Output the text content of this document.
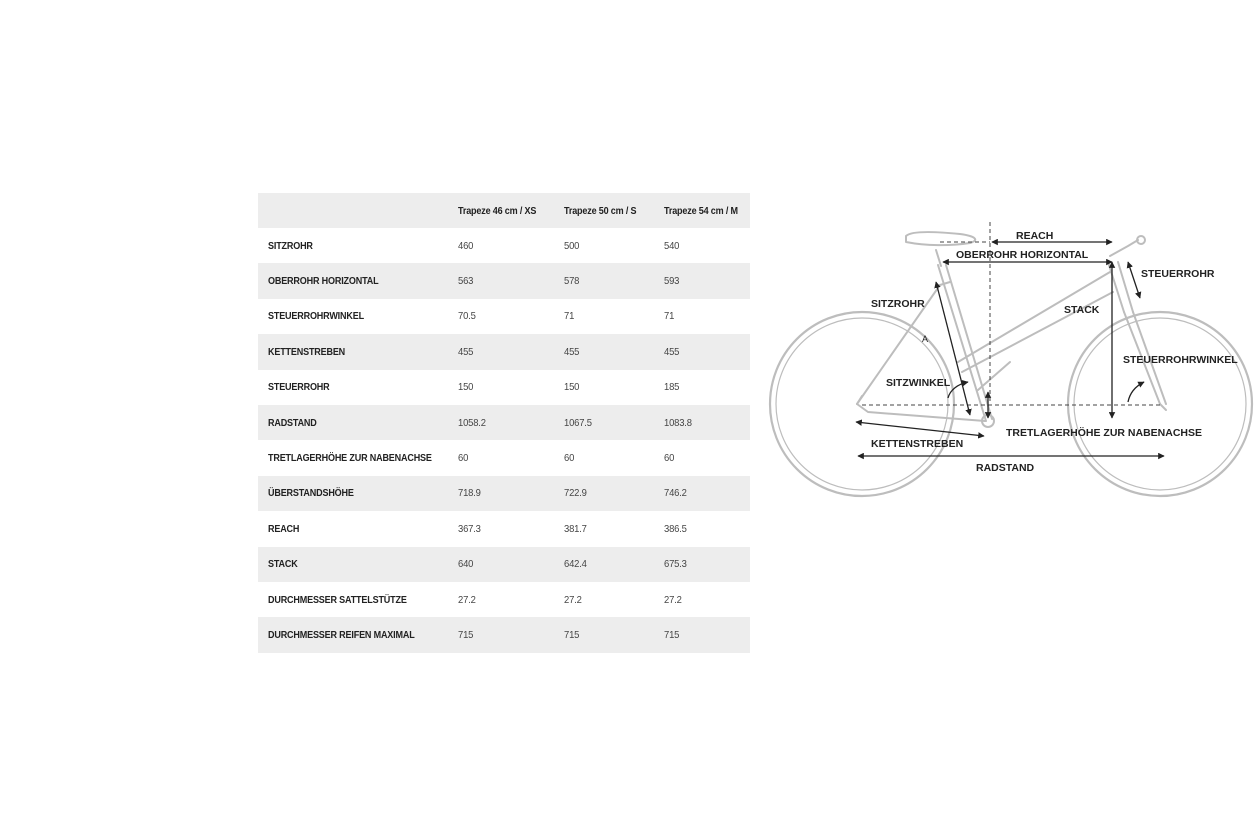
	Trapeze 46 cm / XS	Trapeze 50 cm / S	Trapeze 54 cm / M
SITZROHR	460	500	540
OBERROHR HORIZONTAL	563	578	593
STEUERROHRWINKEL	70.5	71	71
KETTENSTREBEN	455	455	455
STEUERROHR	150	150	185
RADSTAND	1058.2	1067.5	1083.8
TRETLAGERHÖHE ZUR NABENACHSE	60	60	60
ÜBERSTANDSHÖHE	718.9	722.9	746.2
REACH	367.3	381.7	386.5
STACK	640	642.4	675.3
DURCHMESSER SATTELSTÜTZE	27.2	27.2	27.2
DURCHMESSER REIFEN MAXIMAL	715	715	715
REACH
OBERROHR HORIZONTAL
STEUERROHR
SITZROHR	STACK
A
STEUERROHRWINKEL
SITZWINKEL
TRETLAGERHÖHE ZUR NABENACHSE
KETTENSTREBEN
RADSTAND
